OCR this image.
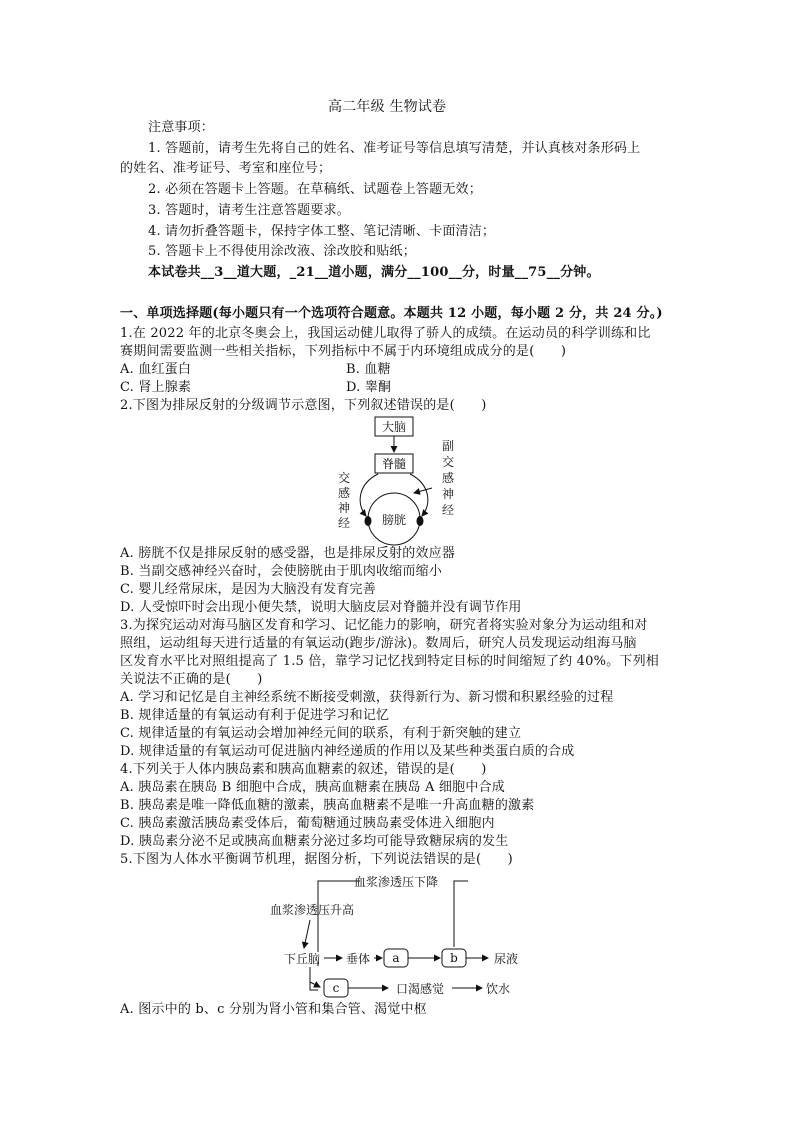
高二年级 生物试卷
注意事项：
1. 答题前，请考生先将自己的姓名、准考证号等信息填写清楚，并认真核对条形码上
的姓名、准考证号、考室和座位号；
2. 必须在答题卡上答题。在草稿纸、试题卷上答题无效；
3. 答题时，请考生注意答题要求。
4. 请勿折叠答题卡，保持字体工整、笔记清晰、卡面清洁；
5. 答题卡上不得使用涂改液、涂改胶和贴纸；
本试卷共__3__道大题，_21__道小题，满分__100__分，时量__75__分钟。
一、单项选择题(每小题只有一个选项符合题意。本题共 12 小题，每小题 2 分，共 24 分。)
1.在 2022 年的北京冬奥会上，我国运动健儿取得了骄人的成绩。在运动员的科学训练和比
赛期间需要监测一些相关指标，下列指标中不属于内环境组成成分的是(　　)
A. 血红蛋白	B. 血糖
C. 肾上腺素	D. 睾酮
2.下图为排尿反射的分级调节示意图，下列叙述错误的是(　　)
大脑
脊髓
膀胱
交
感
神
经
副
交
感
神
经
A. 膀胱不仅是排尿反射的感受器，也是排尿反射的效应器
B. 当副交感神经兴奋时，会使膀胱由于肌肉收缩而缩小
C. 婴儿经常尿床，是因为大脑没有发育完善
D. 人受惊吓时会出现小便失禁，说明大脑皮层对脊髓并没有调节作用
3.为探究运动对海马脑区发育和学习、记忆能力的影响，研究者将实验对象分为运动组和对
照组，运动组每天进行适量的有氧运动(跑步/游泳)。数周后，研究人员发现运动组海马脑
区发育水平比对照组提高了 1.5 倍，靠学习记忆找到特定目标的时间缩短了约 40%。下列相
关说法不正确的是(　　)
A. 学习和记忆是自主神经系统不断接受刺激，获得新行为、新习惯和积累经验的过程
B. 规律适量的有氧运动有利于促进学习和记忆
C. 规律适量的有氧运动会增加神经元间的联系，有利于新突触的建立
D. 规律适量的有氧运动可促进脑内神经递质的作用以及某些种类蛋白质的合成
4.下列关于人体内胰岛素和胰高血糖素的叙述，错误的是(　　)
A. 胰岛素在胰岛 B 细胞中合成，胰高血糖素在胰岛 A 细胞中合成
B. 胰岛素是唯一降低血糖的激素，胰高血糖素不是唯一升高血糖的激素
C. 胰岛素激活胰岛素受体后，葡萄糖通过胰岛素受体进入细胞内
D. 胰岛素分泌不足或胰高血糖素分泌过多均可能导致糖尿病的发生
5.下图为人体水平衡调节机理，据图分析，下列说法错误的是(　　)
血浆渗透压下降
血浆渗透压升高
下丘脑 垂体 a	b	尿液
c	口渴感觉	饮水
A. 图示中的 b、c 分别为肾小管和集合管、渴觉中枢
